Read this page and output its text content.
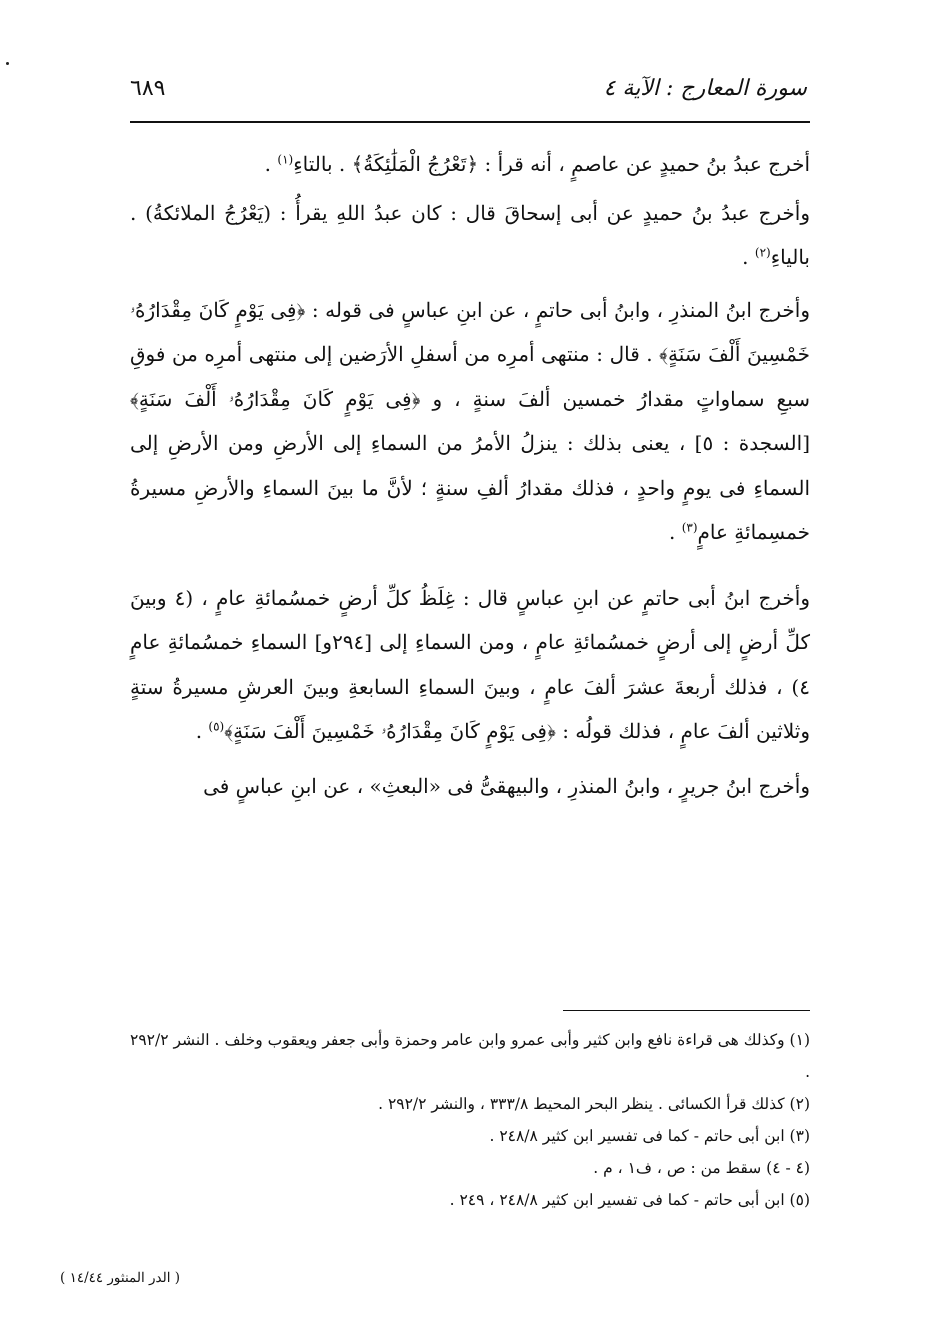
سورة المعارج : الآية ٤
٦٨٩

أخرج عبدُ بنُ حميدٍ عن عاصمٍ ، أنه قرأ : ﴿تَعْرُجُ الْمَلَٰئِكَةُ﴾ . بالتاءِ$^{(١)}$ .

وأخرج عبدُ بنُ حميدٍ عن أبى إسحاقَ قال : كان عبدُ اللهِ يقرأُ : (يَعْرُجُ الملائكةُ) . بالياءِ$^{(٢)}$ .

وأخرج ابنُ المنذرِ ، وابنُ أبى حاتمٍ ، عن ابنِ عباسٍ فى قوله : ﴿فِى يَوْمٍ كَانَ مِقْدَارُهُۥ خَمْسِينَ أَلْفَ سَنَةٍ﴾ . قال : منتهى أمرِه من أسفلِ الأرَضين إلى منتهى أمرِه من فوقِ سبعِ سماواتٍ مقدارُ خمسين ألفَ سنةٍ ، و ﴿فِى يَوْمٍ كَانَ مِقْدَارُهُۥ أَلْفَ سَنَةٍ﴾ [السجدة : ٥] ، يعنى بذلك : ينزلُ الأمرُ من السماءِ إلى الأرضِ ومن الأرضِ إلى السماءِ فى يومٍ واحدٍ ، فذلك مقدارُ ألفِ سنةٍ ؛ لأنَّ ما بينَ السماءِ والأرضِ مسيرةُ خمسِمائةِ عامٍ$^{(٣)}$ .

وأخرج ابنُ أبى حاتمٍ عن ابنِ عباسٍ قال : غِلَظُ كلِّ أرضٍ خمسُمائةِ عامٍ ، (٤ وبينَ كلِّ أرضٍ إلى أرضٍ خمسُمائةِ عامٍ ، ومن السماءِ إلى [٢٩٤و] السماءِ خمسُمائةِ عامٍ ٤) ، فذلك أربعةَ عشرَ ألفَ عامٍ ، وبينَ السماءِ السابعةِ وبينَ العرشِ مسيرةُ ستةٍ وثلاثين ألفَ عامٍ ، فذلك قولُه : ﴿فِى يَوْمٍ كَانَ مِقْدَارُهُۥ خَمْسِينَ أَلْفَ سَنَةٍ﴾$^{(٥)}$ .

وأخرج ابنُ جريرٍ ، وابنُ المنذرِ ، والبيهقىُّ فى «البعثِ» ، عن ابنِ عباسٍ فى

(١) وكذلك هى قراءة نافع وابن كثير وأبى عمرو وابن عامر وحمزة وأبى جعفر ويعقوب وخلف . النشر ٢٩٢/٢ .

(٢) كذلك قرأ الكسائى . ينظر البحر المحيط ٣٣٣/٨ ، والنشر ٢٩٢/٢ .

(٣) ابن أبى حاتم - كما فى تفسير ابن كثير ٢٤٨/٨ .

(٤ - ٤) سقط من : ص ، ف١ ، م .

(٥) ابن أبى حاتم - كما فى تفسير ابن كثير ٢٤٨/٨ ، ٢٤٩ .

( الدر المنثور ١٤/٤٤ )
